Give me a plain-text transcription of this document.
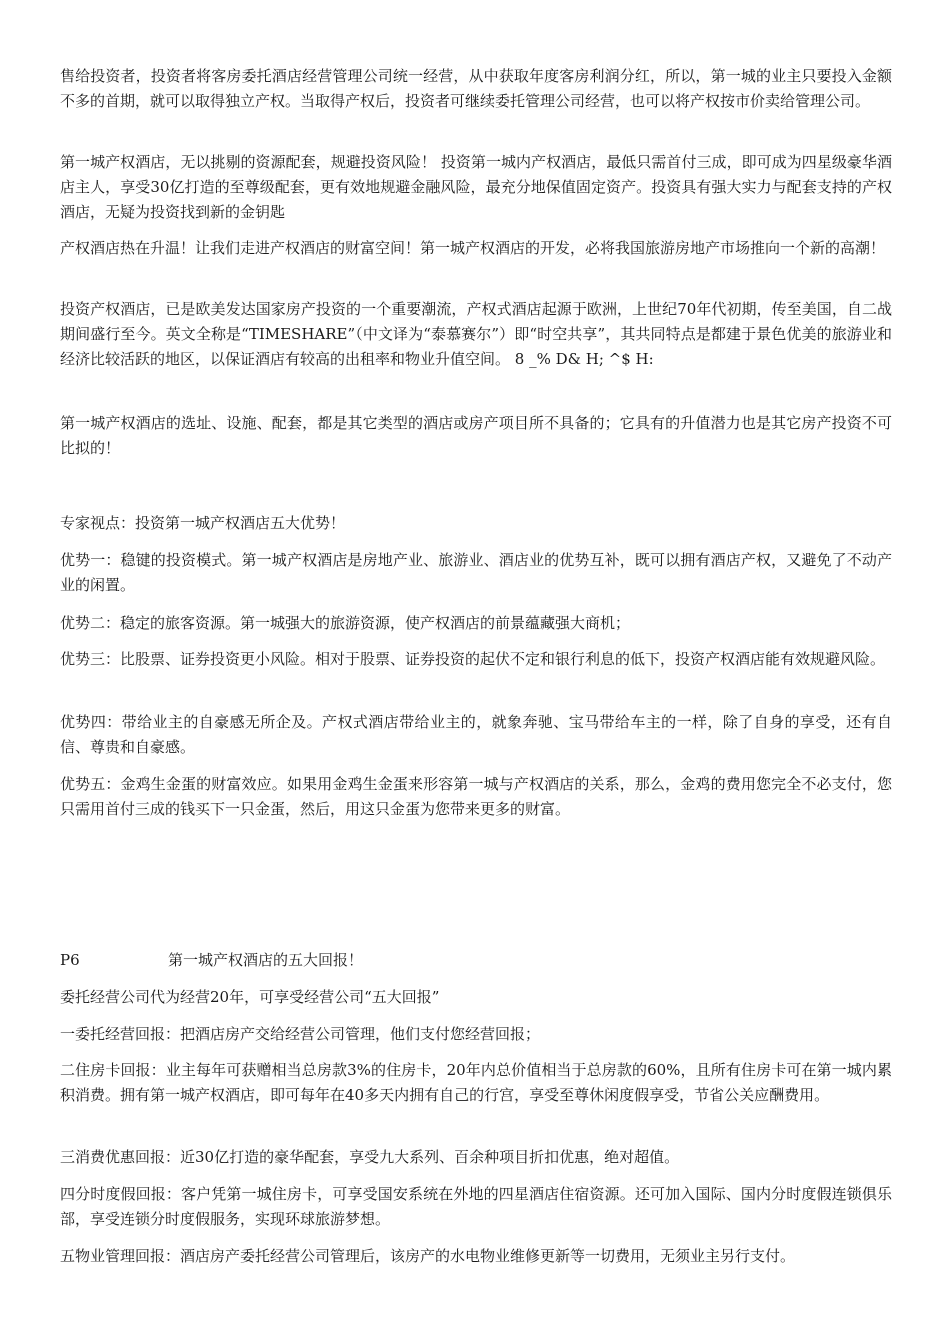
售给投资者，投资者将客房委托酒店经营管理公司统一经营，从中获取年度客房利润分红，所以，第一城的业主只要投入金额不多的首期，就可以取得独立产权。当取得产权后，投资者可继续委托管理公司经营，也可以将产权按市价卖给管理公司。

第一城产权酒店，无以挑剔的资源配套，规避投资风险！ 投资第一城内产权酒店，最低只需首付三成，即可成为四星级豪华酒店主人，享受30亿打造的至尊级配套，更有效地规避金融风险，最充分地保值固定资产。投资具有强大实力与配套支持的产权酒店，无疑为投资找到新的金钥匙

产权酒店热在升温！让我们走进产权酒店的财富空间！第一城产权酒店的开发，必将我国旅游房地产市场推向一个新的高潮！

投资产权酒店，已是欧美发达国家房产投资的一个重要潮流，产权式酒店起源于欧洲，上世纪70年代初期，传至美国，自二战期间盛行至今。英文全称是“TIMESHARE”（中文译为“泰慕赛尔”）即“时空共享”，其共同特点是都建于景色优美的旅游业和经济比较活跃的地区，以保证酒店有较高的出租率和物业升值空间。 8 _% D& H; ^$ H:

第一城产权酒店的选址、设施、配套，都是其它类型的酒店或房产项目所不具备的；它具有的升值潜力也是其它房产投资不可比拟的！

专家视点：投资第一城产权酒店五大优势！

优势一：稳键的投资模式。第一城产权酒店是房地产业、旅游业、酒店业的优势互补，既可以拥有酒店产权，又避免了不动产业的闲置。

优势二：稳定的旅客资源。第一城强大的旅游资源，使产权酒店的前景蕴藏强大商机；

优势三：比股票、证券投资更小风险。相对于股票、证券投资的起伏不定和银行利息的低下，投资产权酒店能有效规避风险。

优势四：带给业主的自豪感无所企及。产权式酒店带给业主的，就象奔驰、宝马带给车主的一样，除了自身的享受，还有自信、尊贵和自豪感。

优势五：金鸡生金蛋的财富效应。如果用金鸡生金蛋来形容第一城与产权酒店的关系，那么，金鸡的费用您完全不必支付，您只需用首付三成的钱买下一只金蛋，然后，用这只金蛋为您带来更多的财富。

P6	第一城产权酒店的五大回报！

委托经营公司代为经营20年，可享受经营公司“五大回报”

一委托经营回报：把酒店房产交给经营公司管理，他们支付您经营回报；

二住房卡回报：业主每年可获赠相当总房款3%的住房卡，20年内总价值相当于总房款的60%，且所有住房卡可在第一城内累积消费。拥有第一城产权酒店，即可每年在40多天内拥有自己的行宫，享受至尊休闲度假享受，节省公关应酬费用。

三消费优惠回报：近30亿打造的豪华配套，享受九大系列、百余种项目折扣优惠，绝对超值。

四分时度假回报：客户凭第一城住房卡，可享受国安系统在外地的四星酒店住宿资源。还可加入国际、国内分时度假连锁俱乐部，享受连锁分时度假服务，实现环球旅游梦想。

五物业管理回报：酒店房产委托经营公司管理后，该房产的水电物业维修更新等一切费用，无须业主另行支付。
